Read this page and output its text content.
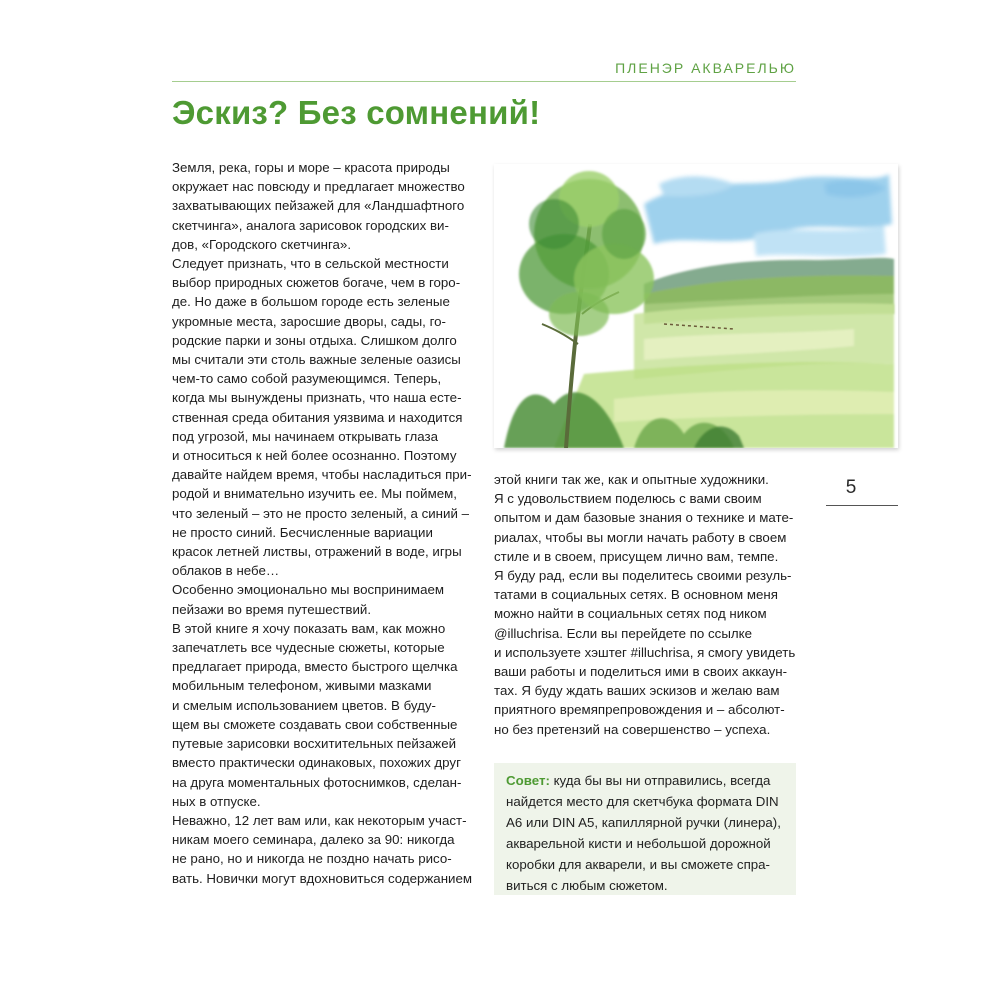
ПЛЕНЭР АКВАРЕЛЬЮ
Эскиз? Без сомнений!

Земля, река, горы и море – красота природы

окружает нас повсюду и предлагает множество

захватывающих пейзажей для «Ландшафтного

скетчинга», аналога зарисовок городских ви-

дов, «Городского скетчинга».

Следует признать, что в сельской местности

выбор природных сюжетов богаче, чем в горо-

де. Но даже в большом городе есть зеленые

укромные места, заросшие дворы, сады, го-

родские парки и зоны отдыха. Слишком долго

мы считали эти столь важные зеленые оазисы

чем-то само собой разумеющимся. Теперь,

когда мы вынуждены признать, что наша есте-

ственная среда обитания уязвима и находится

под угрозой, мы начинаем открывать глаза

и относиться к ней более осознанно. Поэтому

давайте найдем время, чтобы насладиться при-

родой и внимательно изучить ее. Мы поймем,

что зеленый – это не просто зеленый, а синий –

не просто синий. Бесчисленные вариации

красок летней листвы, отражений в воде, игры

облаков в небе…

Особенно эмоционально мы воспринимаем

пейзажи во время путешествий.

В этой книге я хочу показать вам, как можно

запечатлеть все чудесные сюжеты, которые

предлагает природа, вместо быстрого щелчка

мобильным телефоном, живыми мазками

и смелым использованием цветов. В буду-

щем вы сможете создавать свои собственные

путевые зарисовки восхитительных пейзажей

вместо практически одинаковых, похожих друг

на друга моментальных фотоснимков, сделан-

ных в отпуске.

Неважно, 12 лет вам или, как некоторым участ-

никам моего семинара, далеко за 90: никогда

не рано, но и никогда не поздно начать рисо-

вать. Новички могут вдохновиться содержанием

этой книги так же, как и опытные художники.

Я с удовольствием поделюсь с вами своим

опытом и дам базовые знания о технике и мате-

риалах, чтобы вы могли начать работу в своем

стиле и в своем, присущем лично вам, темпе.

Я буду рад, если вы поделитесь своими резуль-

татами в социальных сетях. В основном меня

можно найти в социальных сетях под ником

@illuchrisa. Если вы перейдете по ссылке

и используете хэштег #illuchrisa, я смогу увидеть

ваши работы и поделиться ими в своих аккаун-

тах. Я буду ждать ваших эскизов и желаю вам

приятного времяпрепровождения и – абсолют-

но без претензий на совершенство – успеха.

5

Совет: куда бы вы ни отправились, всегда

найдется место для скетчбука формата DIN

A6 или DIN A5, капиллярной ручки (линера),

акварельной кисти и небольшой дорожной

коробки для акварели, и вы сможете спра-

виться с любым сюжетом.
